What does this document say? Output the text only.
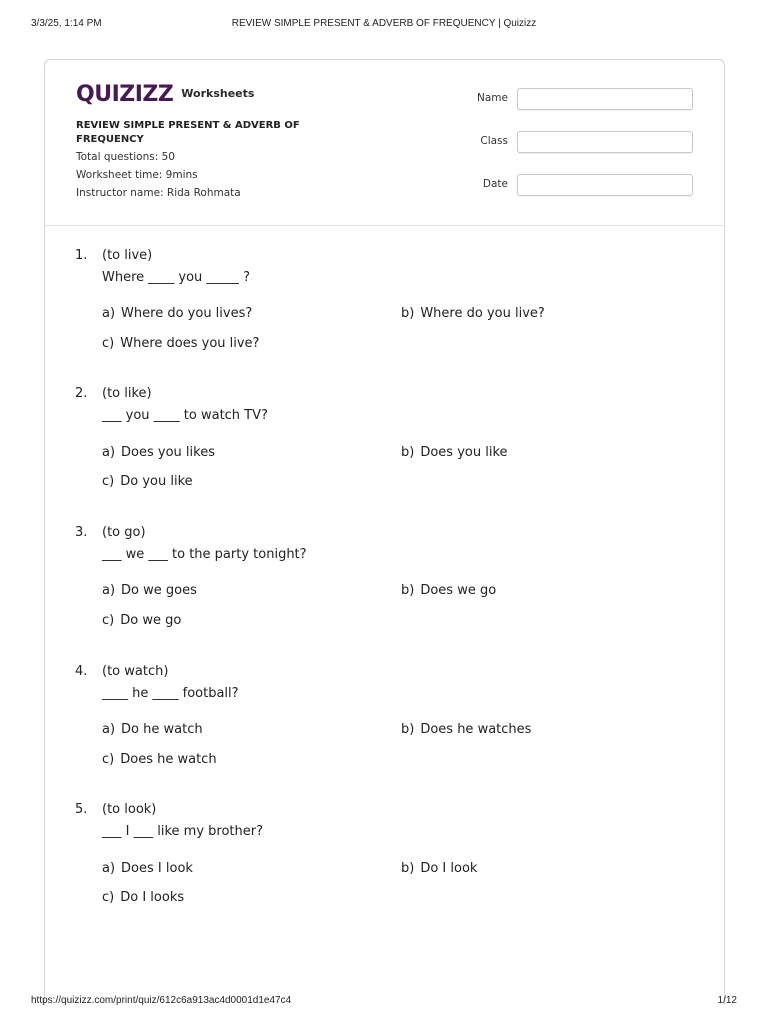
3/3/25, 1:14 PM	REVIEW SIMPLE PRESENT & ADVERB OF FREQUENCY | Quizizz
QUIZIZZ Worksheets
REVIEW SIMPLE PRESENT & ADVERB OF FREQUENCY
Total questions: 50
Worksheet time: 9mins
Instructor name: Rida Rohmata
Name
Class
Date
1. (to live)
Where ____ you _____ ?
a) Where do you lives?	b) Where do you live?
c) Where does you live?
2. (to like)
___ you ____ to watch TV?
a) Does you likes	b) Does you like
c) Do you like
3. (to go)
___ we ___ to the party tonight?
a) Do we goes	b) Does we go
c) Do we go
4. (to watch)
____ he ____ football?
a) Do he watch	b) Does he watches
c) Does he watch
5. (to look)
___ I ___ like my brother?
a) Does I look	b) Do I look
c) Do I looks
https://quizizz.com/print/quiz/612c6a913ac4d0001d1e47c4	1/12
